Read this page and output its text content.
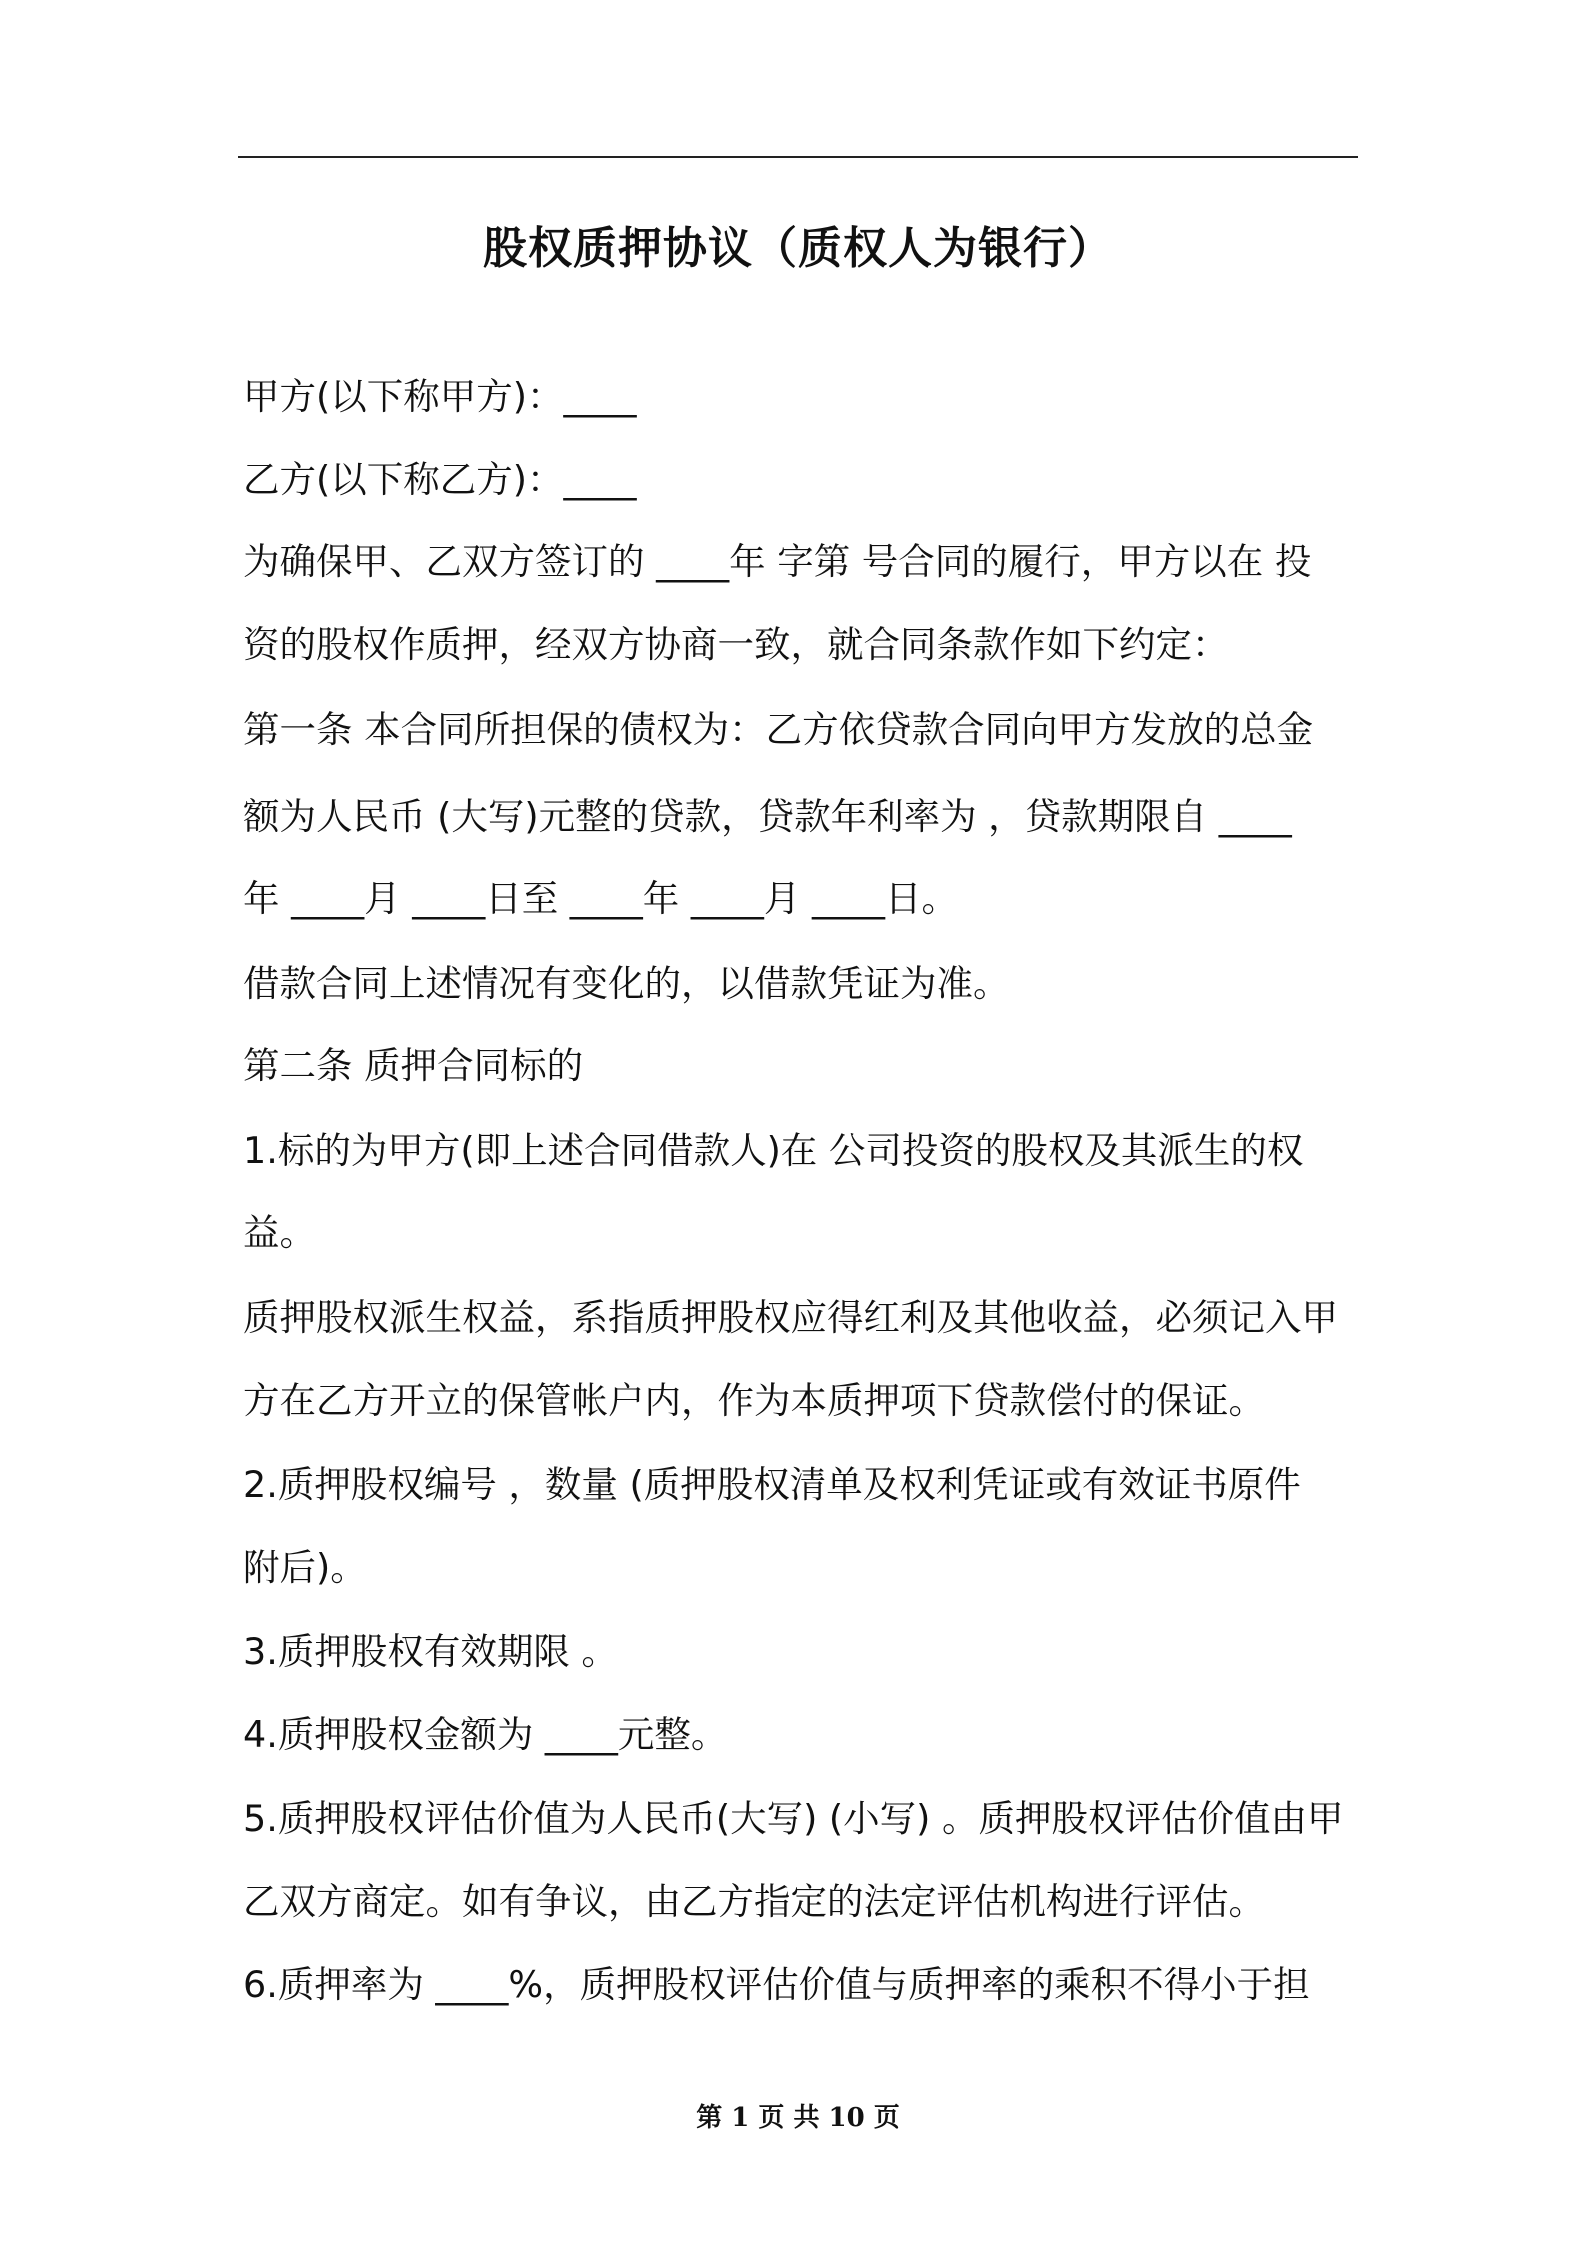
股权质押协议（质权人为银行）
甲方(以下称甲方)：____
乙方(以下称乙方)：____
为确保甲、乙双方签订的 ____年 字第 号合同的履行，甲方以在 投
资的股权作质押，经双方协商一致，就合同条款作如下约定：
第一条 本合同所担保的债权为：乙方依贷款合同向甲方发放的总金
额为人民币 (大写)元整的贷款，贷款年利率为 ，贷款期限自 ____
年 ____月 ____日至 ____年 ____月 ____日。
借款合同上述情况有变化的，以借款凭证为准。
第二条 质押合同标的
1.标的为甲方(即上述合同借款人)在 公司投资的股权及其派生的权
益。
质押股权派生权益，系指质押股权应得红利及其他收益，必须记入甲
方在乙方开立的保管帐户内，作为本质押项下贷款偿付的保证。
2.质押股权编号 ，数量 (质押股权清单及权利凭证或有效证书原件
附后)。
3.质押股权有效期限 。
4.质押股权金额为 ____元整。
5.质押股权评估价值为人民币(大写) (小写) 。质押股权评估价值由甲
乙双方商定。如有争议，由乙方指定的法定评估机构进行评估。
6.质押率为 ____%，质押股权评估价值与质押率的乘积不得小于担
第 1 页 共 10 页
